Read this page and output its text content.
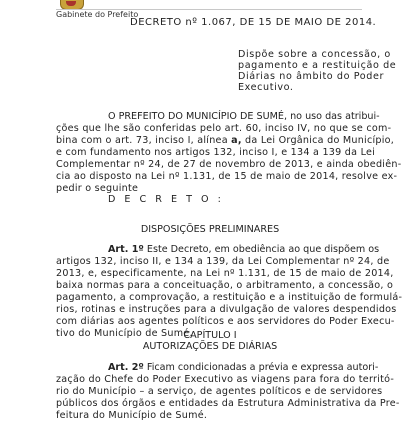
Gabinete do Prefeito
DECRETO nº 1.067, DE 15 DE MAIO DE 2014.
Dispõe sobre a concessão, o
pagamento e a restituição de
Diárias no âmbito do Poder
Executivo.
O PREFEITO DO MUNICÍPIO DE SUMÉ, no uso das atribui-
ções que lhe são conferidas pelo art. 60, inciso IV, no que se com-
bina com o art. 73, inciso I, alínea a, da Lei Orgânica do Município,
e com fundamento nos artigos 132, inciso I, e 134 a 139 da Lei
Complementar nº 24, de 27 de novembro de 2013, e ainda obediên-
cia ao disposto na Lei nº 1.131, de 15 de maio de 2014, resolve ex-
pedir o seguinte
D E C R E T O :
DISPOSIÇÕES PRELIMINARES
Art. 1º Este Decreto, em obediência ao que dispõem os
artigos 132, inciso II, e 134 a 139, da Lei Complementar nº 24, de
2013, e, especificamente, na Lei nº 1.131, de 15 de maio de 2014,
baixa normas para a conceituação, o arbitramento, a concessão, o
pagamento, a comprovação, a restituição e a instituição de formulá-
rios, rotinas e instruções para a divulgação de valores despendidos
com diárias aos agentes políticos e aos servidores do Poder Execu-
tivo do Município de Sumé.
CAPÍTULO I
AUTORIZAÇÕES DE DIÁRIAS
Art. 2º Ficam condicionadas a prévia e expressa autori-
zação do Chefe do Poder Executivo as viagens para fora do territó-
rio do Município – a serviço, de agentes políticos e de servidores
públicos dos órgãos e entidades da Estrutura Administrativa da Pre-
feitura do Município de Sumé.
